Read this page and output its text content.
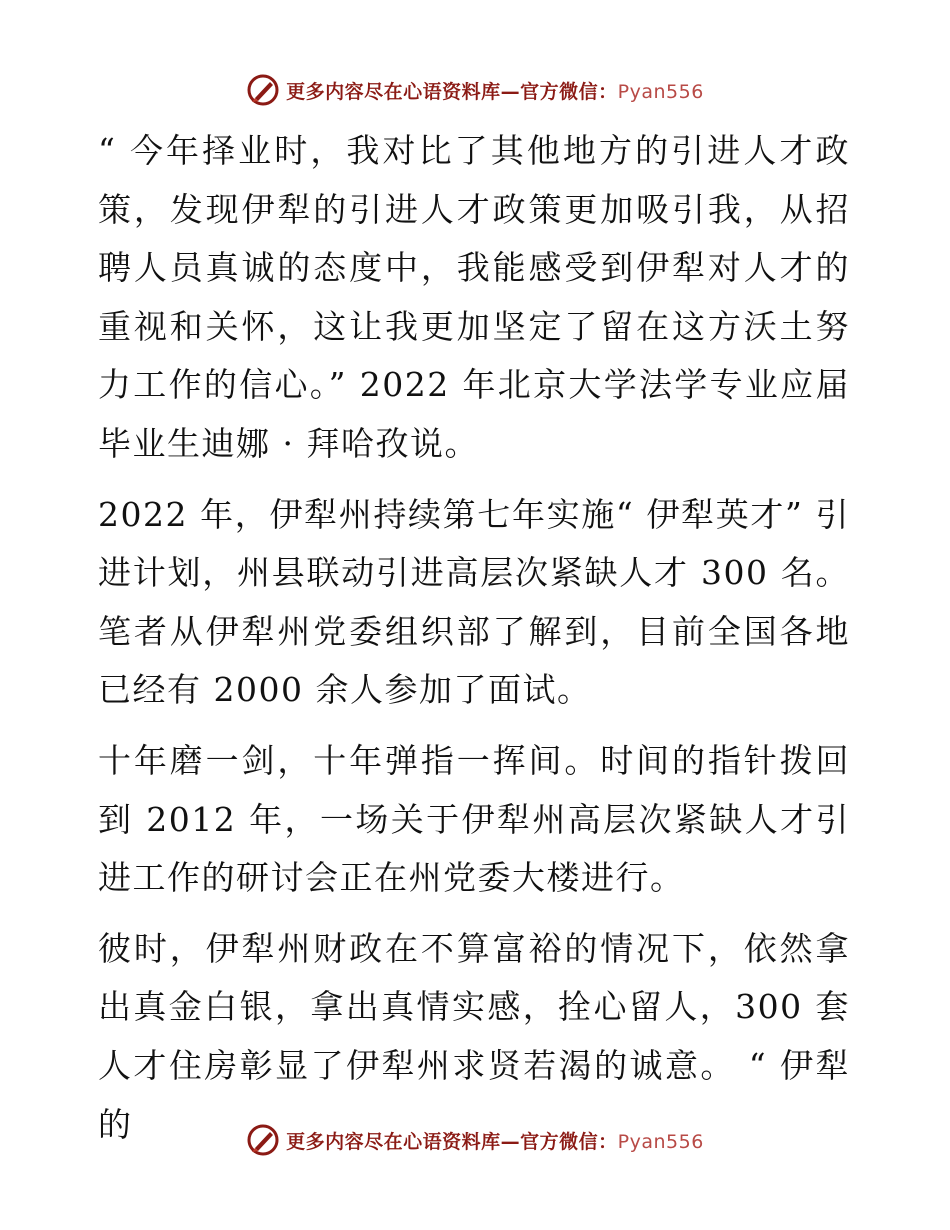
更多内容尽在心语资料库—官方微信：Pyan556

“ 今年择业时，我对比了其他地方的引进人才政策，发现伊犁的引进人才政策更加吸引我，从招聘人员真诚的态度中，我能感受到伊犁对人才的重视和关怀，这让我更加坚定了留在这方沃土努力工作的信心。” 2022 年北京大学法学专业应届毕业生迪娜 · 拜哈孜说。

2022 年，伊犁州持续第七年实施“ 伊犁英才” 引进计划，州县联动引进高层次紧缺人才 300 名。笔者从伊犁州党委组织部了解到，目前全国各地已经有 2000 余人参加了面试。

十年磨一剑，十年弹指一挥间。时间的指针拨回到 2012 年，一场关于伊犁州高层次紧缺人才引进工作的研讨会正在州党委大楼进行。

彼时，伊犁州财政在不算富裕的情况下，依然拿出真金白银，拿出真情实感，拴心留人，300 套人才住房彰显了伊犁州求贤若渴的诚意。 “ 伊犁的	更多内容尽在心语资料库—官方微信：Pyan556
